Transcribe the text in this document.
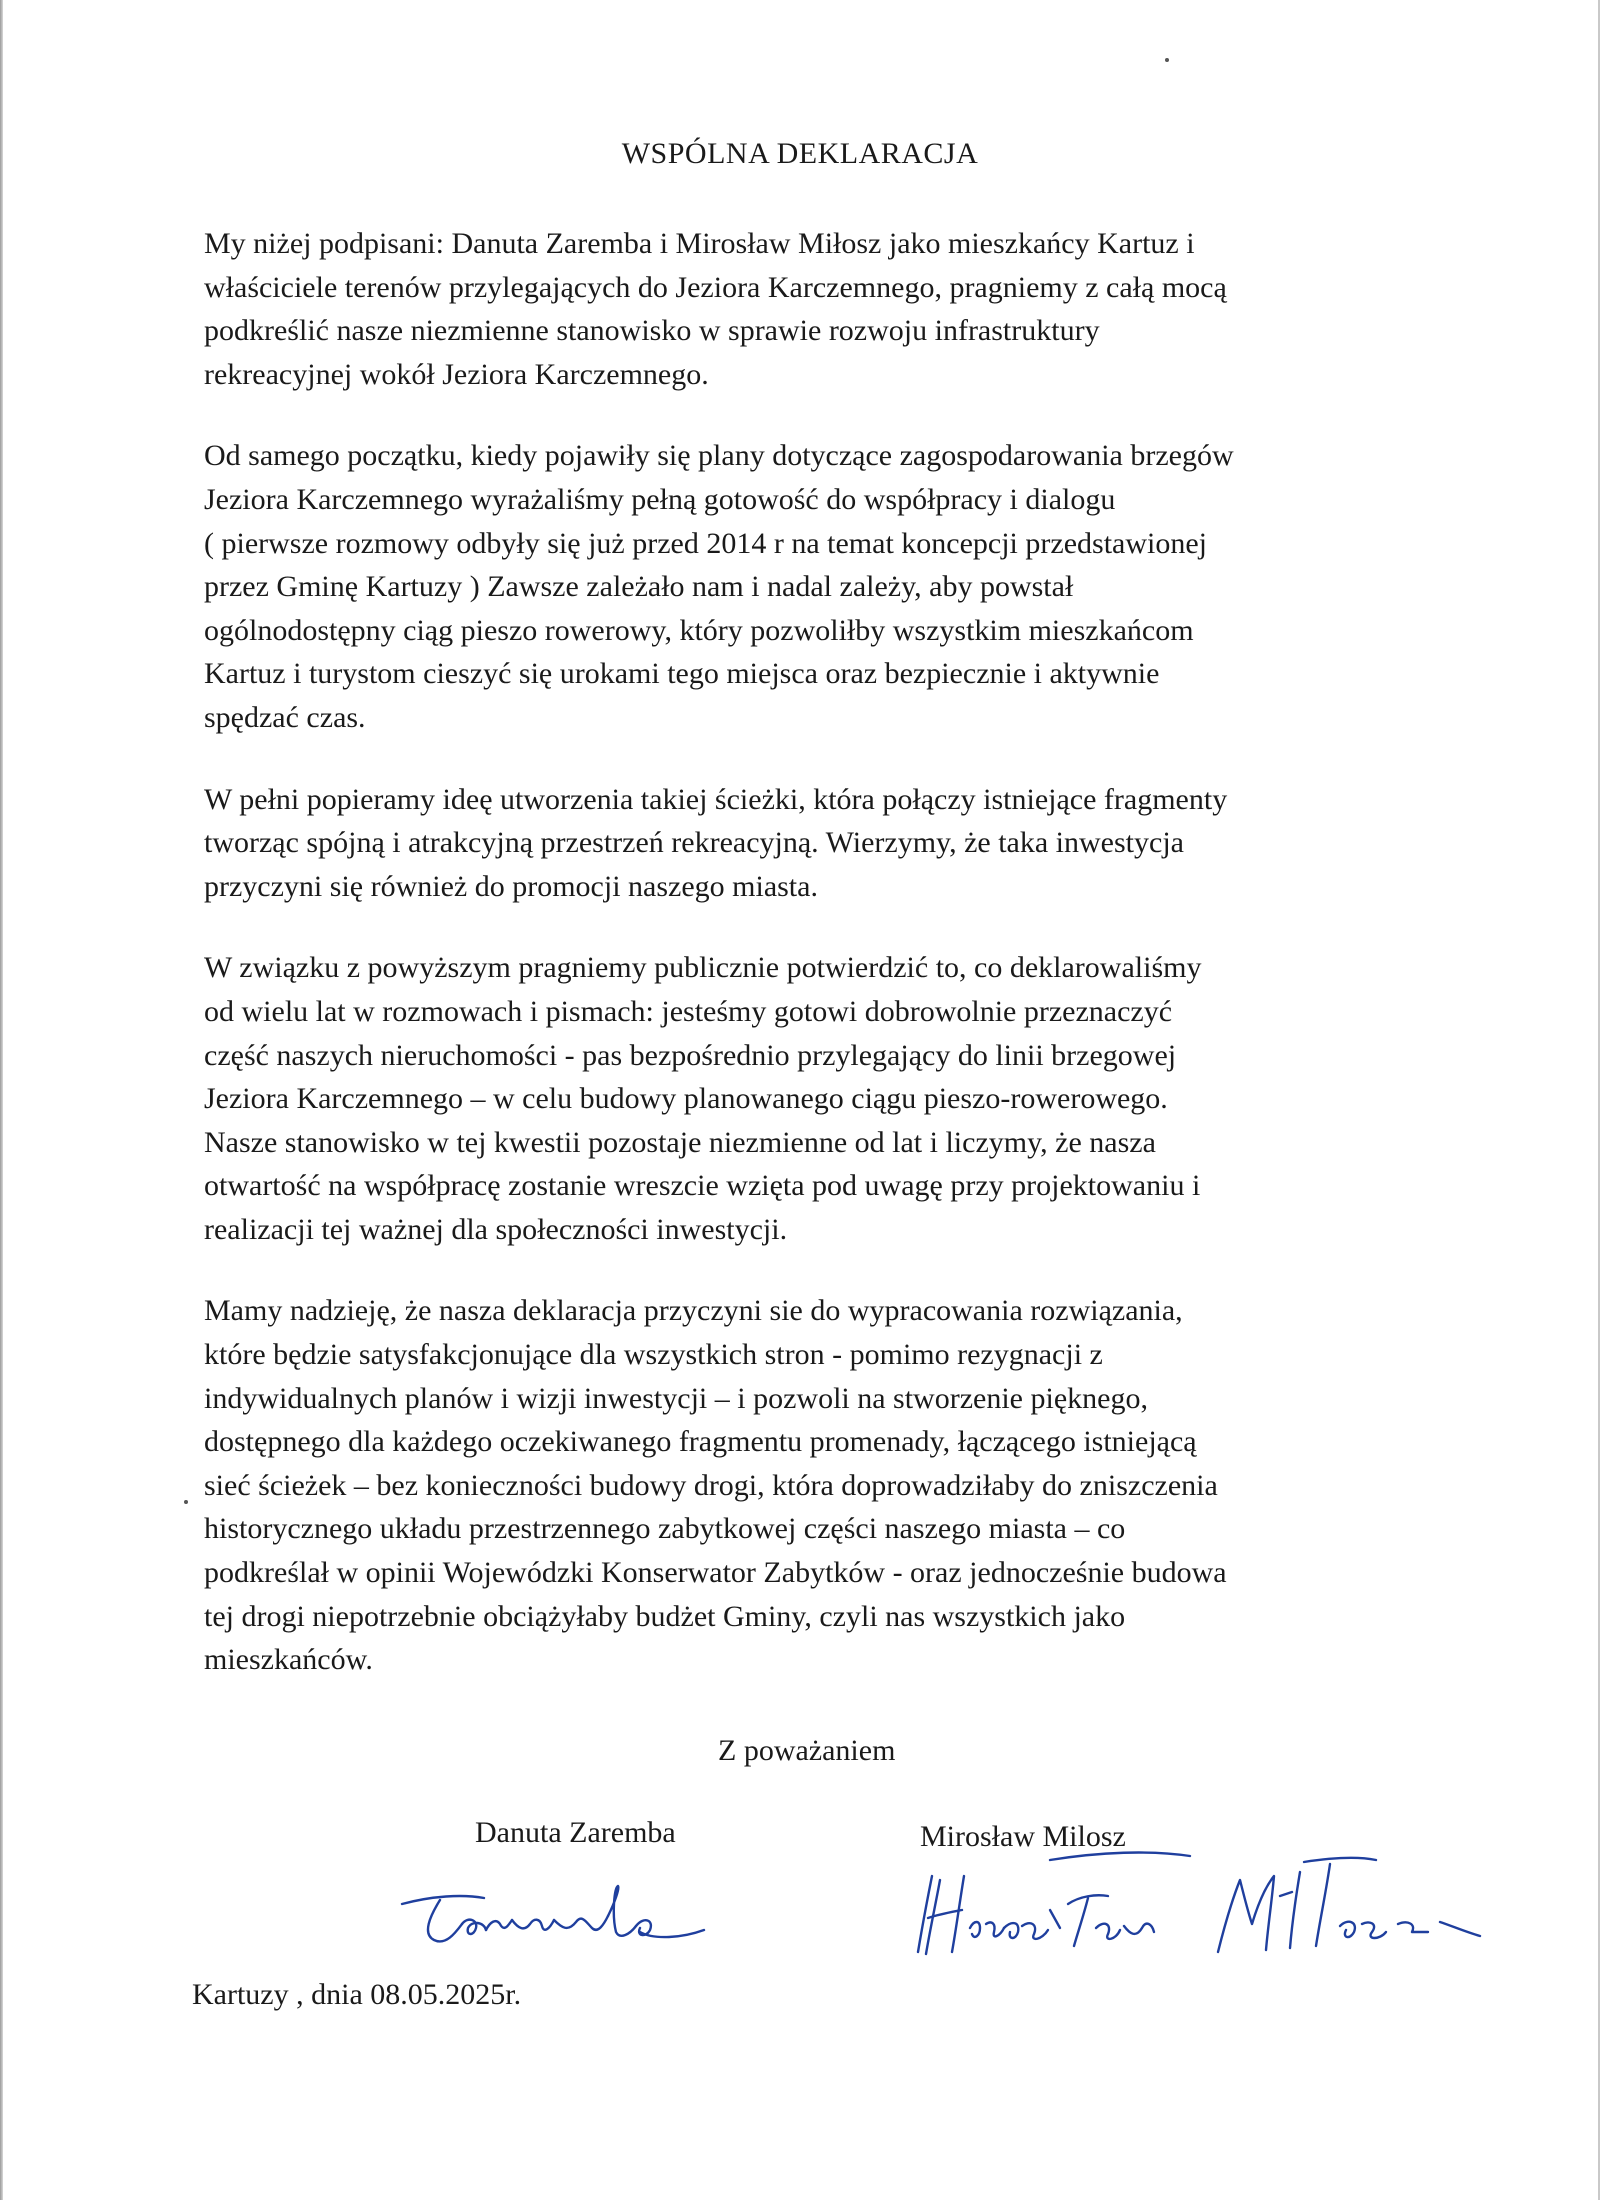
WSPÓLNA DEKLARACJA
My niżej podpisani: Danuta Zaremba i Mirosław Miłosz jako mieszkańcy Kartuz i
właściciele terenów przylegających do Jeziora Karczemnego, pragniemy z całą mocą
podkreślić nasze niezmienne stanowisko w sprawie rozwoju infrastruktury
rekreacyjnej wokół Jeziora Karczemnego.
Od samego początku, kiedy pojawiły się plany dotyczące zagospodarowania brzegów
Jeziora Karczemnego wyrażaliśmy pełną gotowość do współpracy i dialogu
( pierwsze rozmowy odbyły się już przed 2014 r na temat koncepcji przedstawionej
przez Gminę Kartuzy ) Zawsze zależało nam i nadal zależy, aby powstał
ogólnodostępny ciąg pieszo rowerowy, który pozwoliłby wszystkim mieszkańcom
Kartuz i turystom cieszyć się urokami tego miejsca oraz bezpiecznie i aktywnie
spędzać czas.
W pełni popieramy ideę utworzenia takiej ścieżki, która połączy istniejące fragmenty
tworząc spójną i atrakcyjną przestrzeń rekreacyjną. Wierzymy, że taka inwestycja
przyczyni się również do promocji naszego miasta.
W związku z powyższym pragniemy publicznie potwierdzić to, co deklarowaliśmy
od wielu lat w rozmowach i pismach: jesteśmy gotowi dobrowolnie przeznaczyć
część naszych nieruchomości - pas bezpośrednio przylegający do linii brzegowej
Jeziora Karczemnego – w celu budowy planowanego ciągu pieszo-rowerowego.
Nasze stanowisko w tej kwestii pozostaje niezmienne od lat i liczymy, że nasza
otwartość na współpracę zostanie wreszcie wzięta pod uwagę przy projektowaniu i
realizacji tej ważnej dla społeczności inwestycji.
Mamy nadzieję, że nasza deklaracja przyczyni sie do wypracowania rozwiązania,
które będzie satysfakcjonujące dla wszystkich stron - pomimo rezygnacji z
indywidualnych planów i wizji inwestycji – i pozwoli na stworzenie pięknego,
dostępnego dla każdego oczekiwanego fragmentu promenady, łączącego istniejącą
sieć ścieżek – bez konieczności budowy drogi, która doprowadziłaby do zniszczenia
historycznego układu przestrzennego zabytkowej części naszego miasta – co
podkreślał w opinii Wojewódzki Konserwator Zabytków - oraz jednocześnie budowa
tej drogi niepotrzebnie obciążyłaby budżet Gminy, czyli nas wszystkich jako
mieszkańców.
Z poważaniem
Danuta Zaremba	Mirosław Milosz
Kartuzy , dnia 08.05.2025r.
